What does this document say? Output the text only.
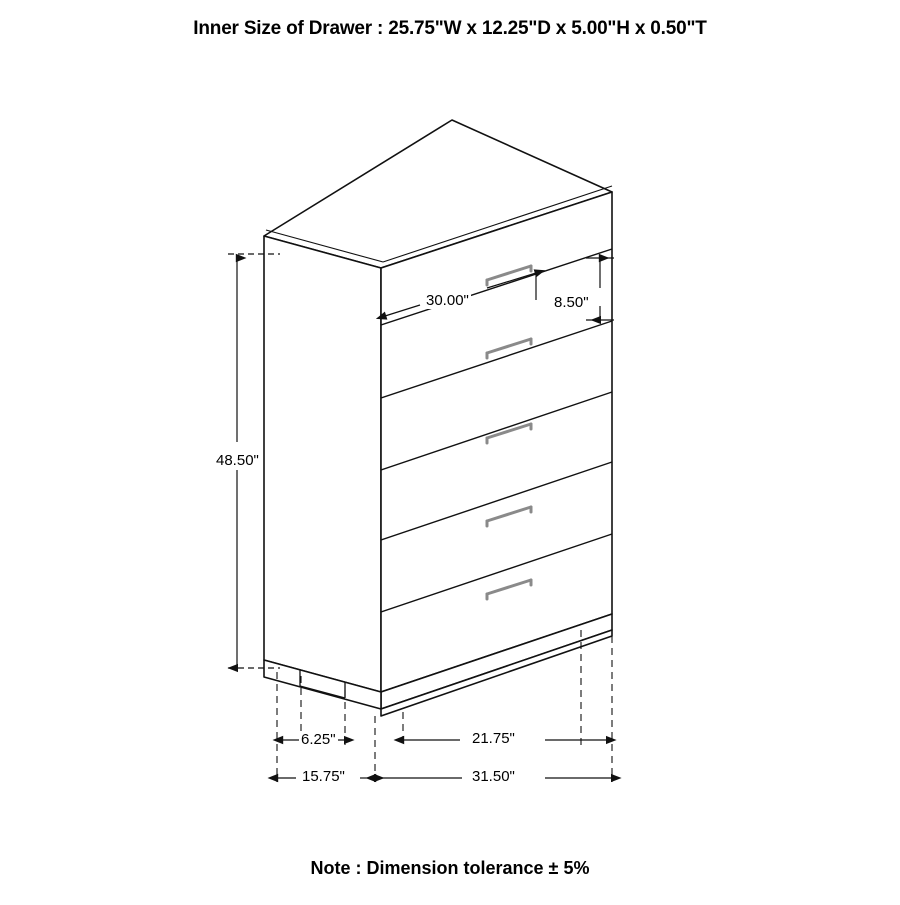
Inner Size of Drawer : 25.75"W x 12.25"D x 5.00"H x 0.50"T
48.50"
30.00"	8.50"
21.75"
6.25"
15.75"	31.50"
Note : Dimension tolerance ± 5%
